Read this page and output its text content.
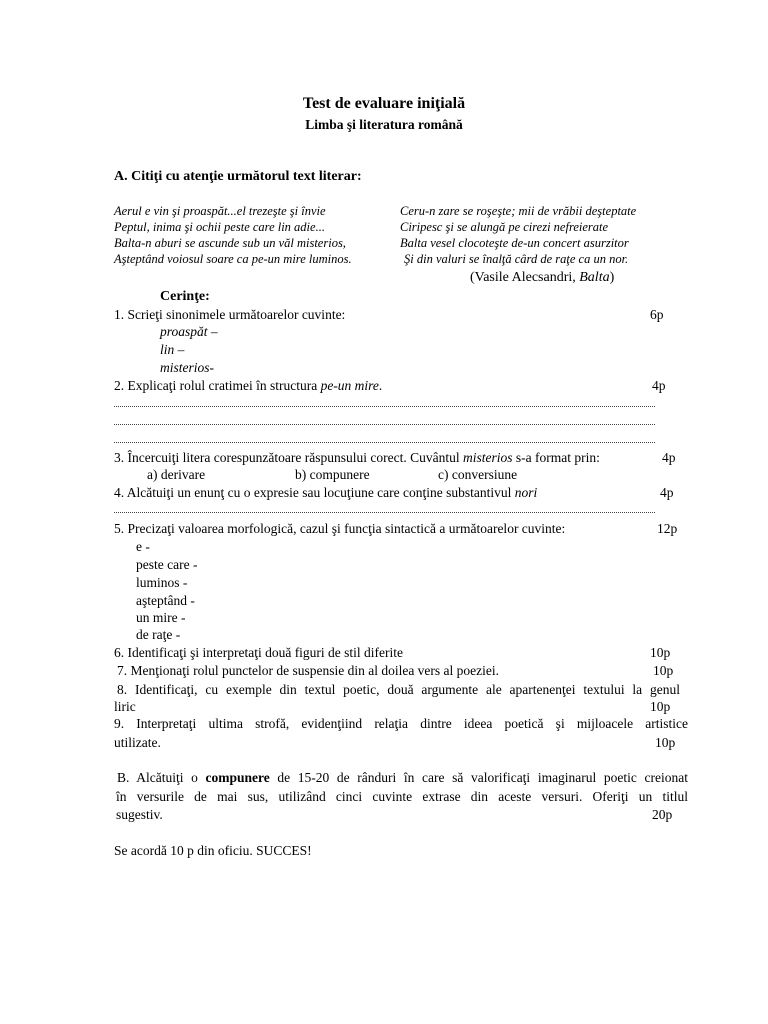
Test de evaluare iniţială
Limba şi literatura română
A. Citiţi cu atenţie următorul text literar:
Aerul e vin şi proaspăt...el trezeşte şi învie
Peptul, inima şi ochii peste care lin adie...
Balta-n aburi se ascunde sub un văl misterios,
Aşteptând voiosul soare ca pe-un mire luminos.
Ceru-n zare se roşeşte; mii de vrăbii deşteptate
Ciripesc şi se alungă pe cirezi nefreierate
Balta vesel clocoteşte de-un concert asurzitor
Şi din valuri se înalţă cârd de raţe ca un nor.
(Vasile Alecsandri, Balta)
Cerinţe:
1. Scrieţi sinonimele următoarelor cuvinte:	6p
proaspăt –
lin –
misterios-
2. Explicaţi rolul cratimei în structura pe-un mire.	4p
3. Încercuiţi litera corespunzătoare răspunsului corect. Cuvântul misterios s-a format prin:	4p
a) derivare	b) compunere	c) conversiune
4. Alcătuiţi un enunţ cu o expresie sau locuţiune care conţine substantivul nori	4p
5. Precizaţi valoarea morfologică, cazul şi funcţia sintactică a următoarelor cuvinte:	12p
e -
peste care -
luminos -
aşteptând -
un mire -
de raţe -
6. Identificaţi şi interpretaţi două figuri de stil diferite	10p
7. Menţionaţi rolul punctelor de suspensie din al doilea vers al poeziei.	10p
8. Identificaţi, cu exemple din textul poetic, două argumente ale apartenenţei textului la genul
liric	10p
9. Interpretaţi ultima strofă, evidenţiind relaţia dintre ideea poetică şi mijloacele artistice
utilizate.	10p
B. Alcătuiţi o compunere de 15-20 de rânduri în care să valorificaţi imaginarul poetic creionat
în versurile de mai sus, utilizând cinci cuvinte extrase din aceste versuri. Oferiţi un titlul
sugestiv.	20p
Se acordă 10 p din oficiu. SUCCES!
